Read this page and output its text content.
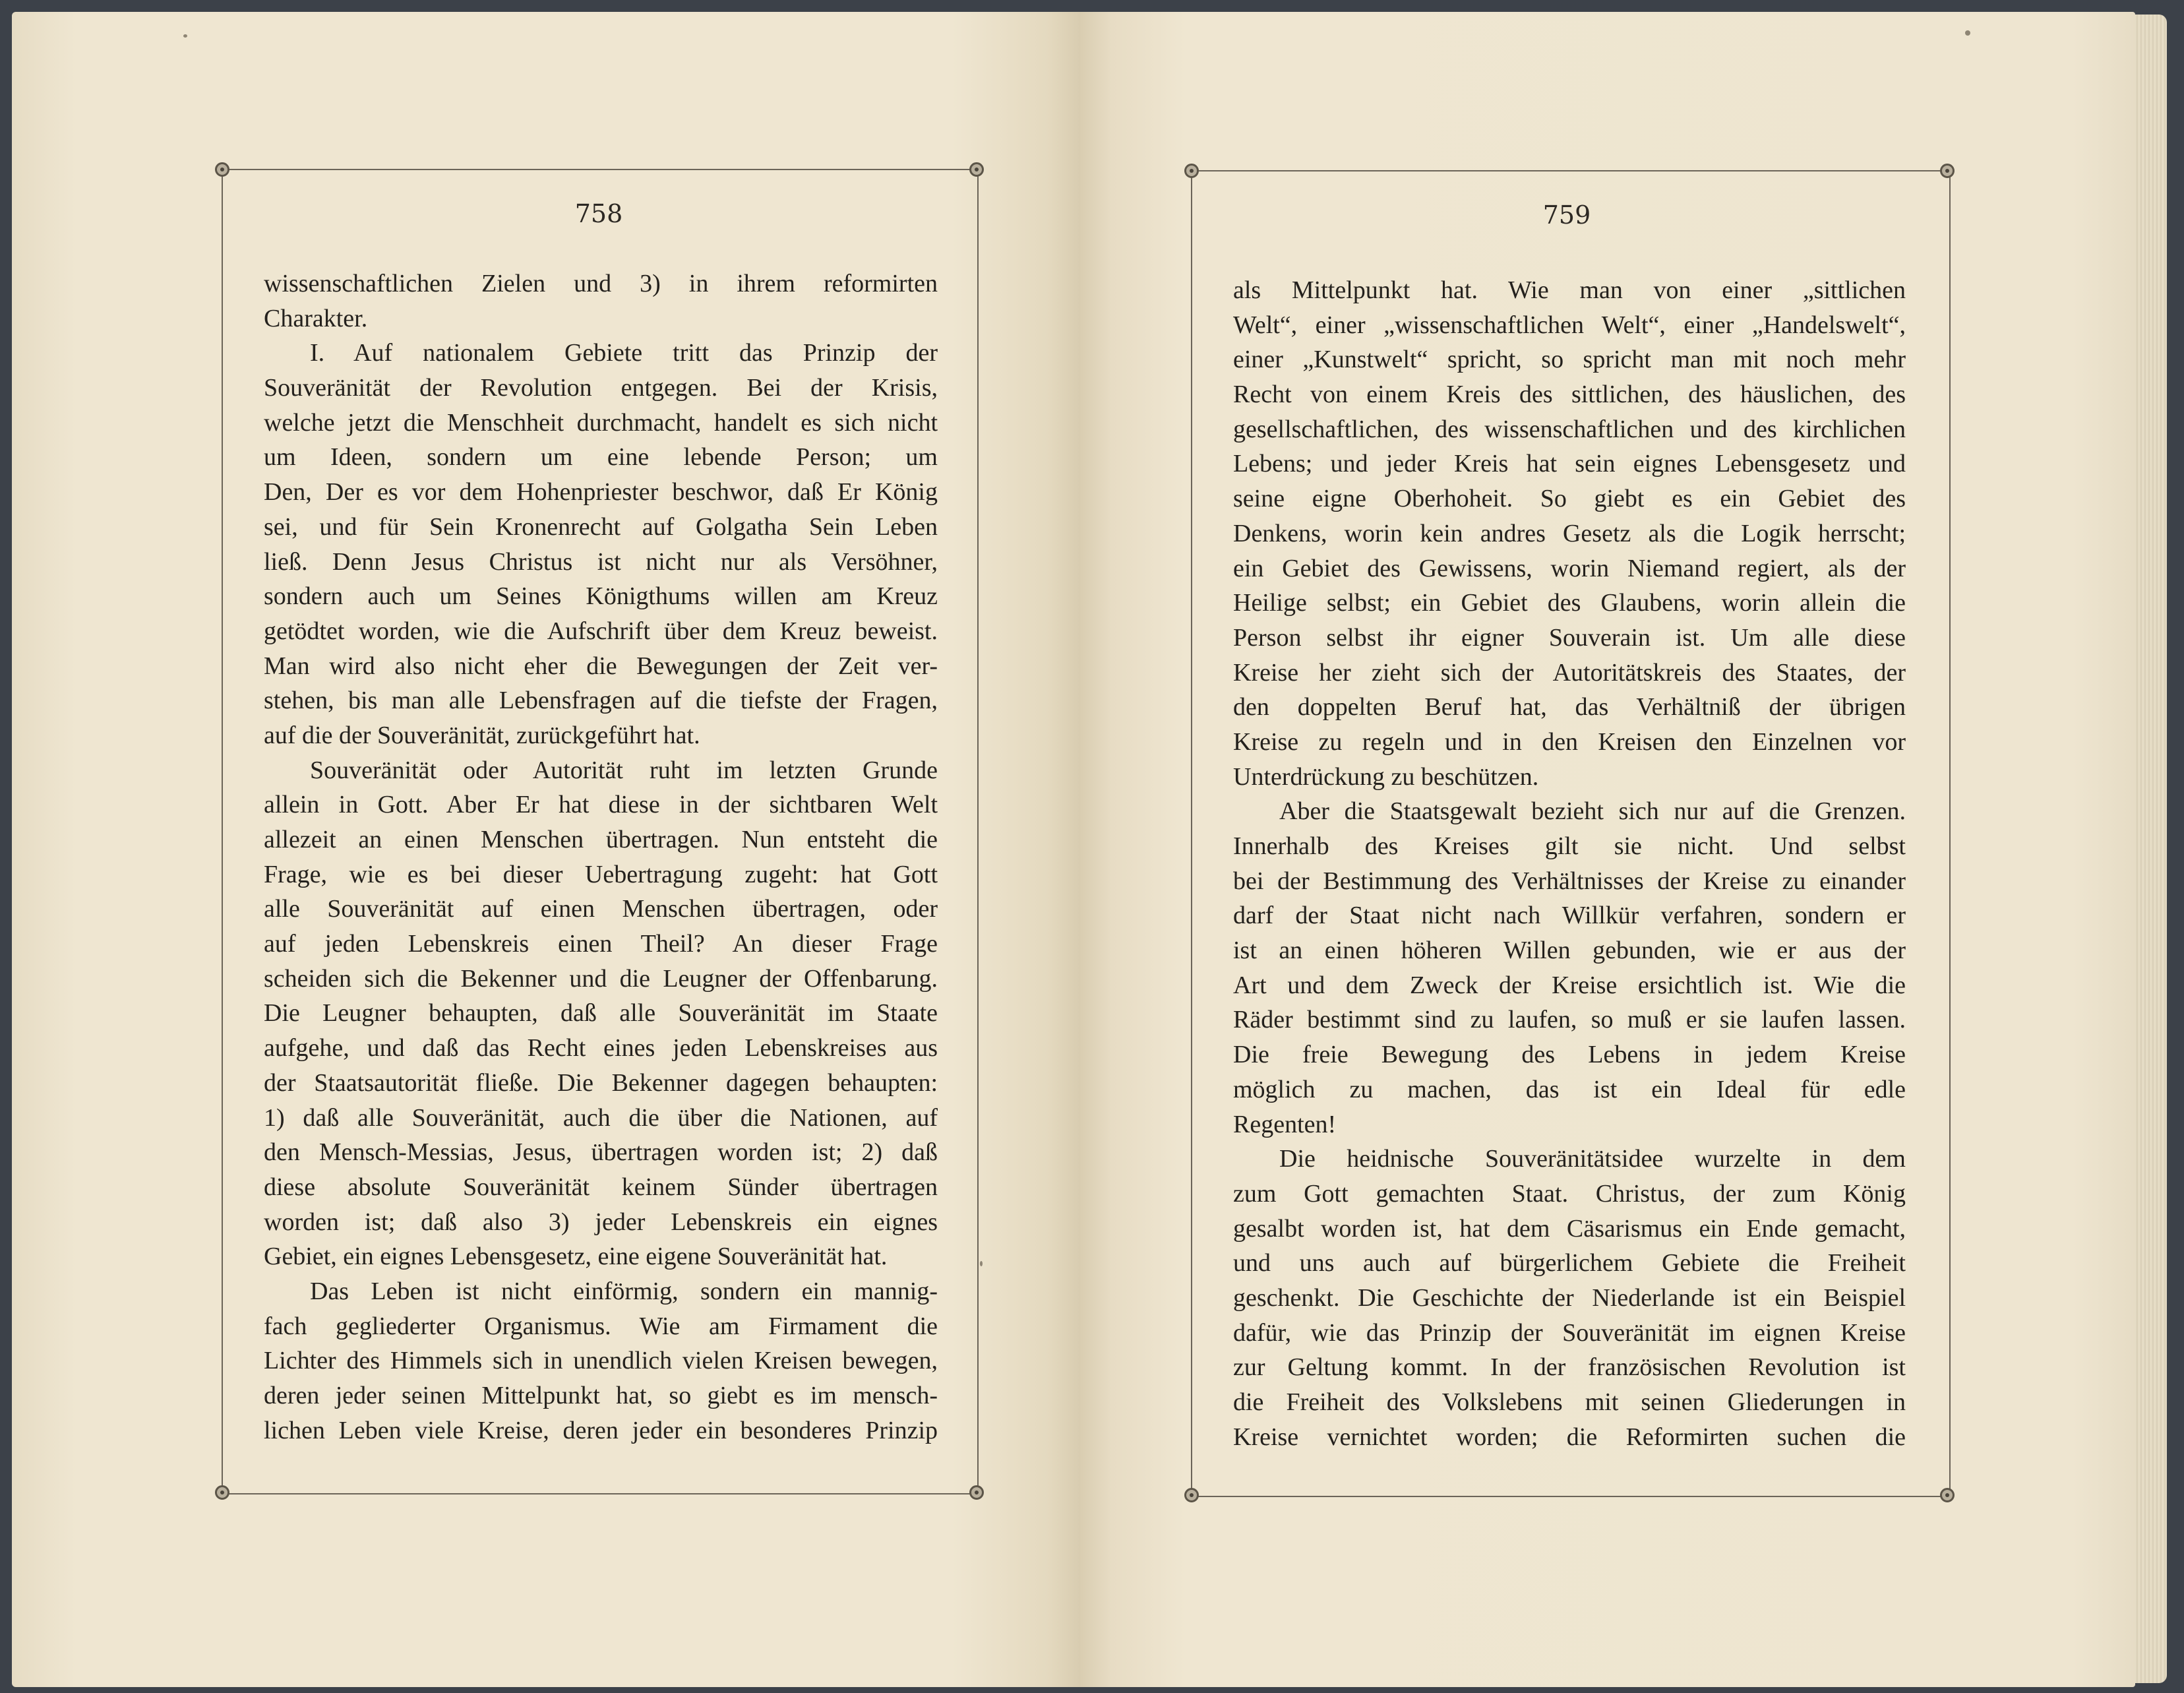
758
wissenschaftlichen Zielen und 3) in ihrem reformirten
Charakter.
I. Auf nationalem Gebiete tritt das Prinzip der
Souveränität der Revolution entgegen. Bei der Krisis,
welche jetzt die Menschheit durchmacht, handelt es sich nicht
um Ideen, sondern um eine lebende Person; um
Den, Der es vor dem Hohenpriester beschwor, daß Er König
sei, und für Sein Kronenrecht auf Golgatha Sein Leben
ließ. Denn Jesus Christus ist nicht nur als Versöhner,
sondern auch um Seines Königthums willen am Kreuz
getödtet worden, wie die Aufschrift über dem Kreuz beweist.
Man wird also nicht eher die Bewegungen der Zeit ver-
stehen, bis man alle Lebensfragen auf die tiefste der Fragen,
auf die der Souveränität, zurückgeführt hat.
Souveränität oder Autorität ruht im letzten Grunde
allein in Gott. Aber Er hat diese in der sichtbaren Welt
allezeit an einen Menschen übertragen. Nun entsteht die
Frage, wie es bei dieser Uebertragung zugeht: hat Gott
alle Souveränität auf einen Menschen übertragen, oder
auf jeden Lebenskreis einen Theil? An dieser Frage
scheiden sich die Bekenner und die Leugner der Offenbarung.
Die Leugner behaupten, daß alle Souveränität im Staate
aufgehe, und daß das Recht eines jeden Lebenskreises aus
der Staatsautorität fließe. Die Bekenner dagegen behaupten:
1) daß alle Souveränität, auch die über die Nationen, auf
den Mensch-Messias, Jesus, übertragen worden ist; 2) daß
diese absolute Souveränität keinem Sünder übertragen
worden ist; daß also 3) jeder Lebenskreis ein eignes
Gebiet, ein eignes Lebensgesetz, eine eigene Souveränität hat.
Das Leben ist nicht einförmig, sondern ein mannig-
fach gegliederter Organismus. Wie am Firmament die
Lichter des Himmels sich in unendlich vielen Kreisen bewegen,
deren jeder seinen Mittelpunkt hat, so giebt es im mensch-
lichen Leben viele Kreise, deren jeder ein besonderes Prinzip
759
als Mittelpunkt hat. Wie man von einer „sittlichen
Welt“, einer „wissenschaftlichen Welt“, einer „Handelswelt“,
einer „Kunstwelt“ spricht, so spricht man mit noch mehr
Recht von einem Kreis des sittlichen, des häuslichen, des
gesellschaftlichen, des wissenschaftlichen und des kirchlichen
Lebens; und jeder Kreis hat sein eignes Lebensgesetz und
seine eigne Oberhoheit. So giebt es ein Gebiet des
Denkens, worin kein andres Gesetz als die Logik herrscht;
ein Gebiet des Gewissens, worin Niemand regiert, als der
Heilige selbst; ein Gebiet des Glaubens, worin allein die
Person selbst ihr eigner Souverain ist. Um alle diese
Kreise her zieht sich der Autoritätskreis des Staates, der
den doppelten Beruf hat, das Verhältniß der übrigen
Kreise zu regeln und in den Kreisen den Einzelnen vor
Unterdrückung zu beschützen.
Aber die Staatsgewalt bezieht sich nur auf die Grenzen.
Innerhalb des Kreises gilt sie nicht. Und selbst
bei der Bestimmung des Verhältnisses der Kreise zu einander
darf der Staat nicht nach Willkür verfahren, sondern er
ist an einen höheren Willen gebunden, wie er aus der
Art und dem Zweck der Kreise ersichtlich ist. Wie die
Räder bestimmt sind zu laufen, so muß er sie laufen lassen.
Die freie Bewegung des Lebens in jedem Kreise
möglich zu machen, das ist ein Ideal für edle
Regenten!
Die heidnische Souveränitätsidee wurzelte in dem
zum Gott gemachten Staat. Christus, der zum König
gesalbt worden ist, hat dem Cäsarismus ein Ende gemacht,
und uns auch auf bürgerlichem Gebiete die Freiheit
geschenkt. Die Geschichte der Niederlande ist ein Beispiel
dafür, wie das Prinzip der Souveränität im eignen Kreise
zur Geltung kommt. In der französischen Revolution ist
die Freiheit des Volkslebens mit seinen Gliederungen in
Kreise vernichtet worden; die Reformirten suchen die
